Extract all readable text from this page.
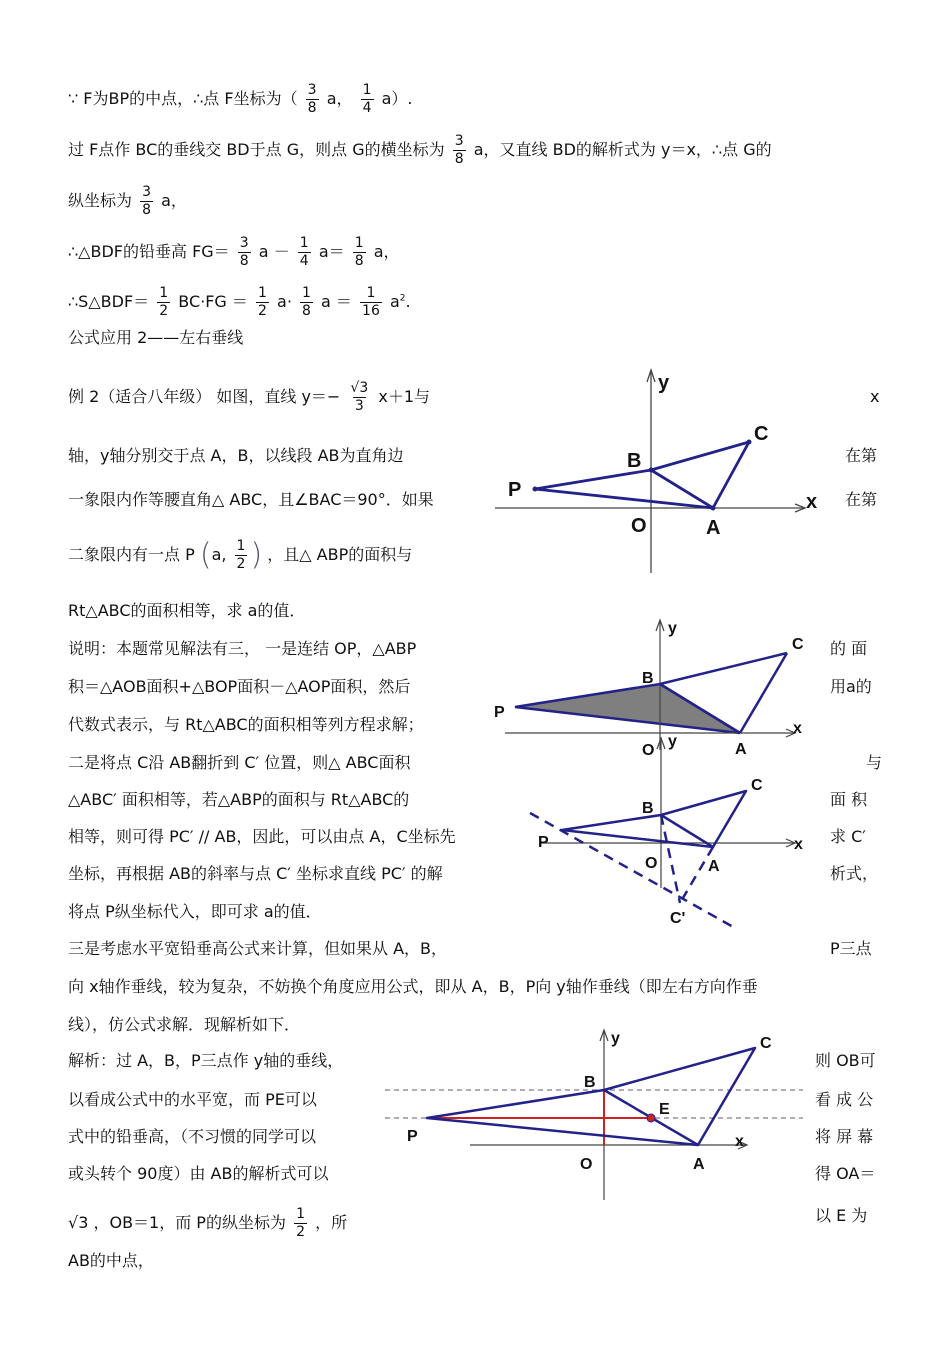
∵ F为BP的中点，∴点 F坐标为（ $\frac{3}{8}$ a， $\frac{1}{4} a$）.
过 F点作 BC的垂线交 BD于点 G，则点 G的横坐标为 $\frac{3}{8}$ a，又直线 BD的解析式为 y＝x，∴点 G的
纵坐标为 $\frac{3}{8}$ a，
∴△BDF的铅垂高 $FG= \frac{3}{8}$ $a - \frac{1}{4} a= \frac{1}{8}$ a，
∴S△BDF＝ $\frac{1}{2} BC\cdot FG = \frac{1}{2} a\cdot \frac{1}{8}$ $a = \frac{1}{16} a^2$.
公式应用 2——左右垂线
例 2（适合八年级） 如图，直线 $y=- \frac{√3}{3} x+1$与	x
轴，y轴分别交于点 A，B，以线段 AB为直角边	在第
一象限内作等腰直角△ ABC，且∠BAC＝90°．如果	在第
二象限内有一点 P (a, $\frac{1}{2}$ ) ，且△ ABP的面积与
Rt△ABC的面积相等，求 a的值．
说明：本题常见解法有三， 一是连结 OP，△ABP	的 面
积＝△AOB面积+△BOP面积－△AOP面积，然后	用a的
代数式表示，与 Rt△ABC的面积相等列方程求解；
二是将点 C沿 AB翻折到 C′ 位置，则△ ABC面积	与
△ABC′ 面积相等，若△ABP的面积与 Rt△ABC的	面 积
相等，则可得 PC′ // AB，因此，可以由点 A，C坐标先	求 C′
坐标，再根据 AB的斜率与点 C′ 坐标求直线 PC′ 的解	析式，
将点 P纵坐标代入，即可求 a的值．
三是考虑水平宽铅垂高公式来计算，但如果从 A，B，	P三点
向 x轴作垂线，较为复杂，不妨换个角度应用公式，即从 A，B，P向 y轴作垂线（即左右方向作垂
线），仿公式求解．现解析如下．
解析：过 A，B，P三点作 y轴的垂线，	则 OB可
以看成公式中的水平宽，而 PE可以	看 成 公
式中的铅垂高，（不习惯的同学可以	将 屏 幕
或头转个 90度）由 AB的解析式可以	得 OA＝
√3 ，OB＝1，而 P的纵坐标为 $\frac{1}{2}$ ，所	以 E 为
AB的中点，
y
x
O	A
B
C
P
y
x
O	A
B
C
P
y
x
O	A
B
C
P
C'
y
x
O	A
B
C
P
E
